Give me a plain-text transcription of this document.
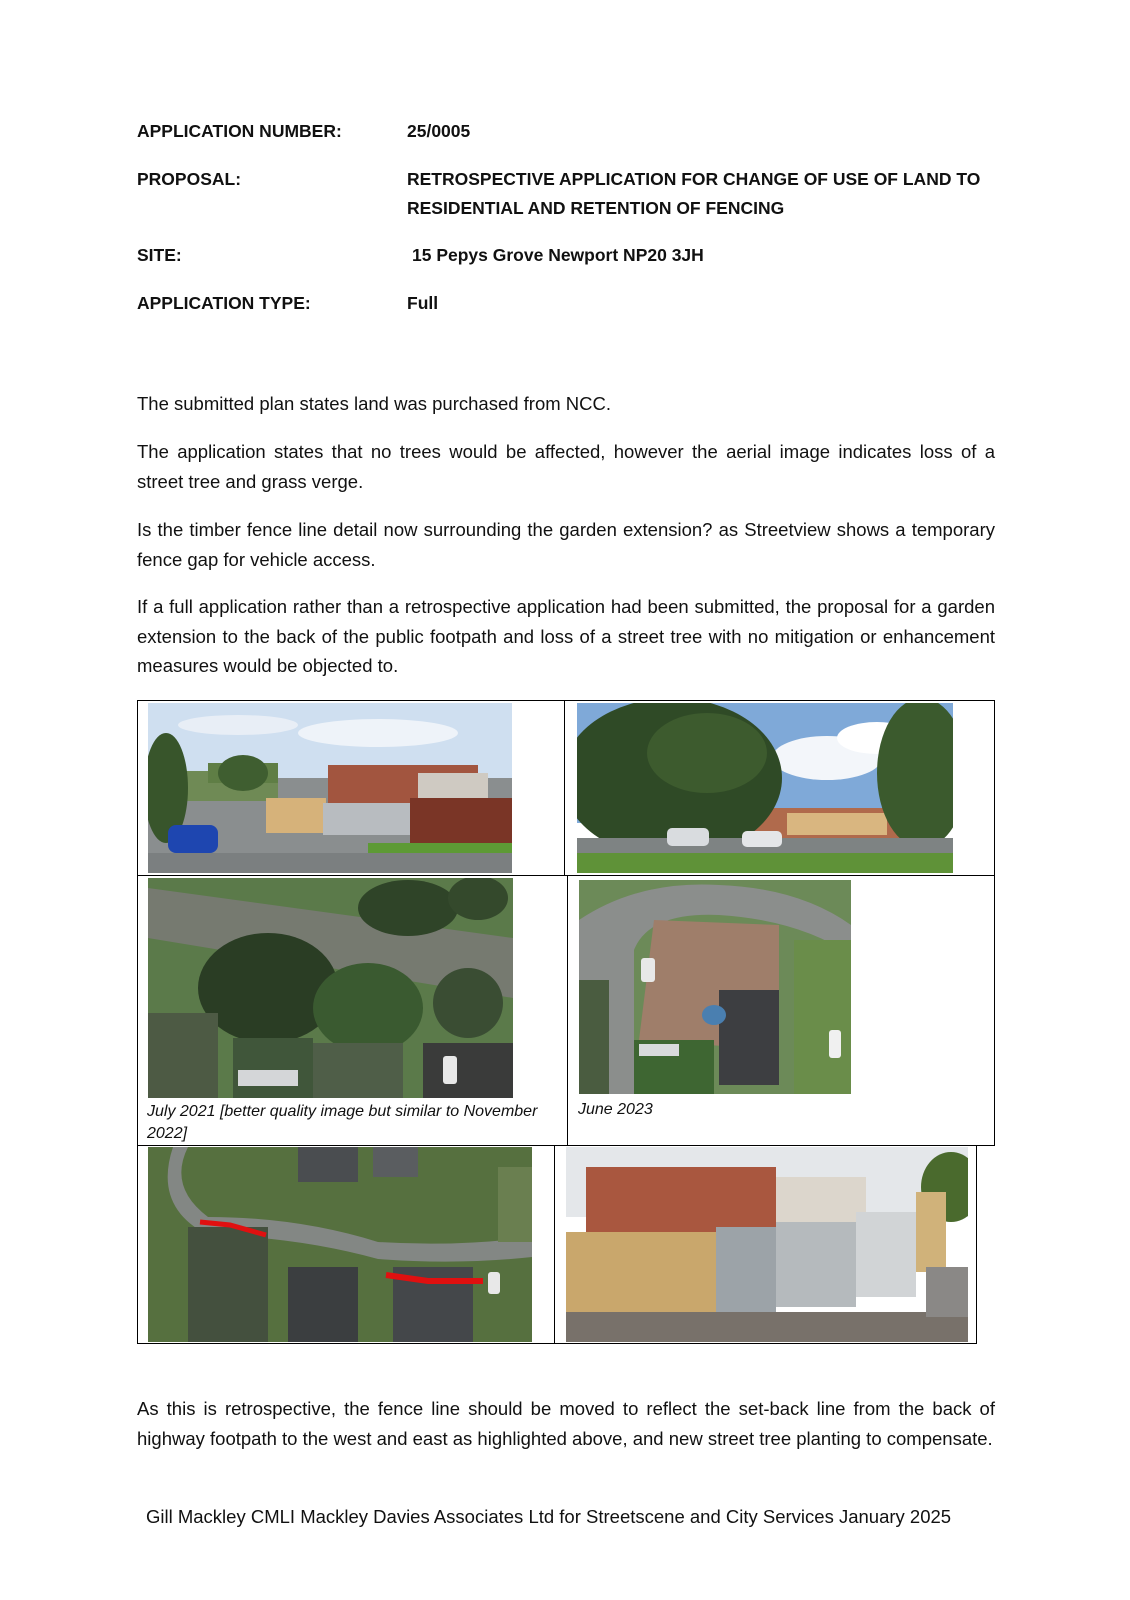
APPLICATION NUMBER:	25/0005
PROPOSAL:	RETROSPECTIVE APPLICATION FOR CHANGE OF USE OF LAND TO RESIDENTIAL AND RETENTION OF FENCING
SITE:	15 Pepys Grove Newport NP20 3JH
APPLICATION TYPE:	Full

The submitted plan states land was purchased from NCC.

The application states that no trees would be affected, however the aerial image indicates loss of a street tree and grass verge.

Is the timber fence line detail now surrounding the garden extension? as Streetview shows a temporary fence gap for vehicle access.

If a full application rather than a retrospective application had been submitted, the proposal for a garden extension to the back of the public footpath and loss of a street tree with no mitigation or enhancement measures would be objected to.

July 2021 [better quality image but similar to November 2022]
June 2023

As this is retrospective, the fence line should be moved to reflect the set-back line from the back of highway footpath to the west and east as highlighted above, and new street tree planting to compensate.

Gill Mackley CMLI Mackley Davies Associates Ltd for Streetscene and City Services January 2025
